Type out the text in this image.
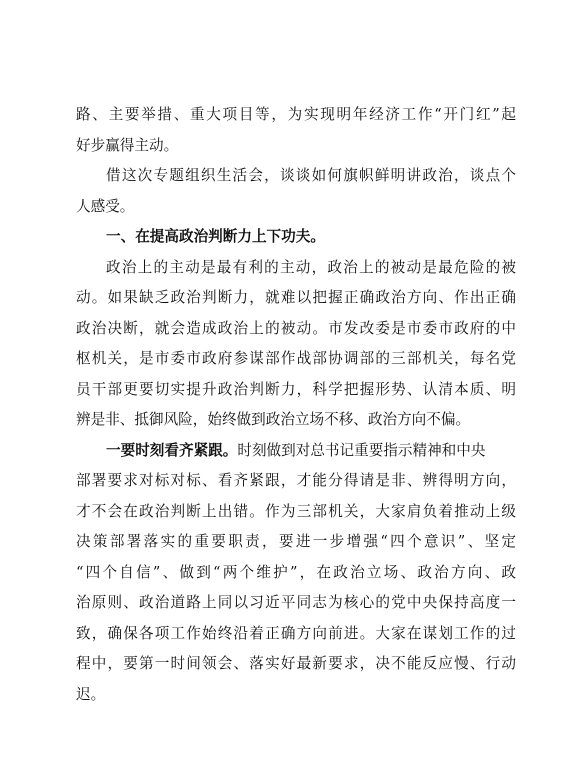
路、主要举措、重大项目等，为实现明年经济工作“开门红”起
好步赢得主动。
借这次专题组织生活会，谈谈如何旗帜鲜明讲政治，谈点个
人感受。
一、在提高政治判断力上下功夫。
政治上的主动是最有利的主动，政治上的被动是最危险的被
动。如果缺乏政治判断力，就难以把握正确政治方向、作出正确
政治决断，就会造成政治上的被动。市发改委是市委市政府的中
枢机关，是市委市政府参谋部作战部协调部的三部机关，每名党
员干部更要切实提升政治判断力，科学把握形势、认清本质、明
辨是非、抵御风险，始终做到政治立场不移、政治方向不偏。
一要时刻看齐紧跟。时刻做到对总书记重要指示精神和中央
部署要求对标对标、看齐紧跟，才能分得请是非、辨得明方向，
才不会在政治判断上出错。作为三部机关，大家肩负着推动上级
决策部署落实的重要职责，要进一步增强“四个意识”、坚定
“四个自信”、做到“两个维护”，在政治立场、政治方向、政
治原则、政治道路上同以习近平同志为核心的党中央保持高度一
致，确保各项工作始终沿着正确方向前进。大家在谋划工作的过
程中，要第一时间领会、落实好最新要求，决不能反应慢、行动
迟。
